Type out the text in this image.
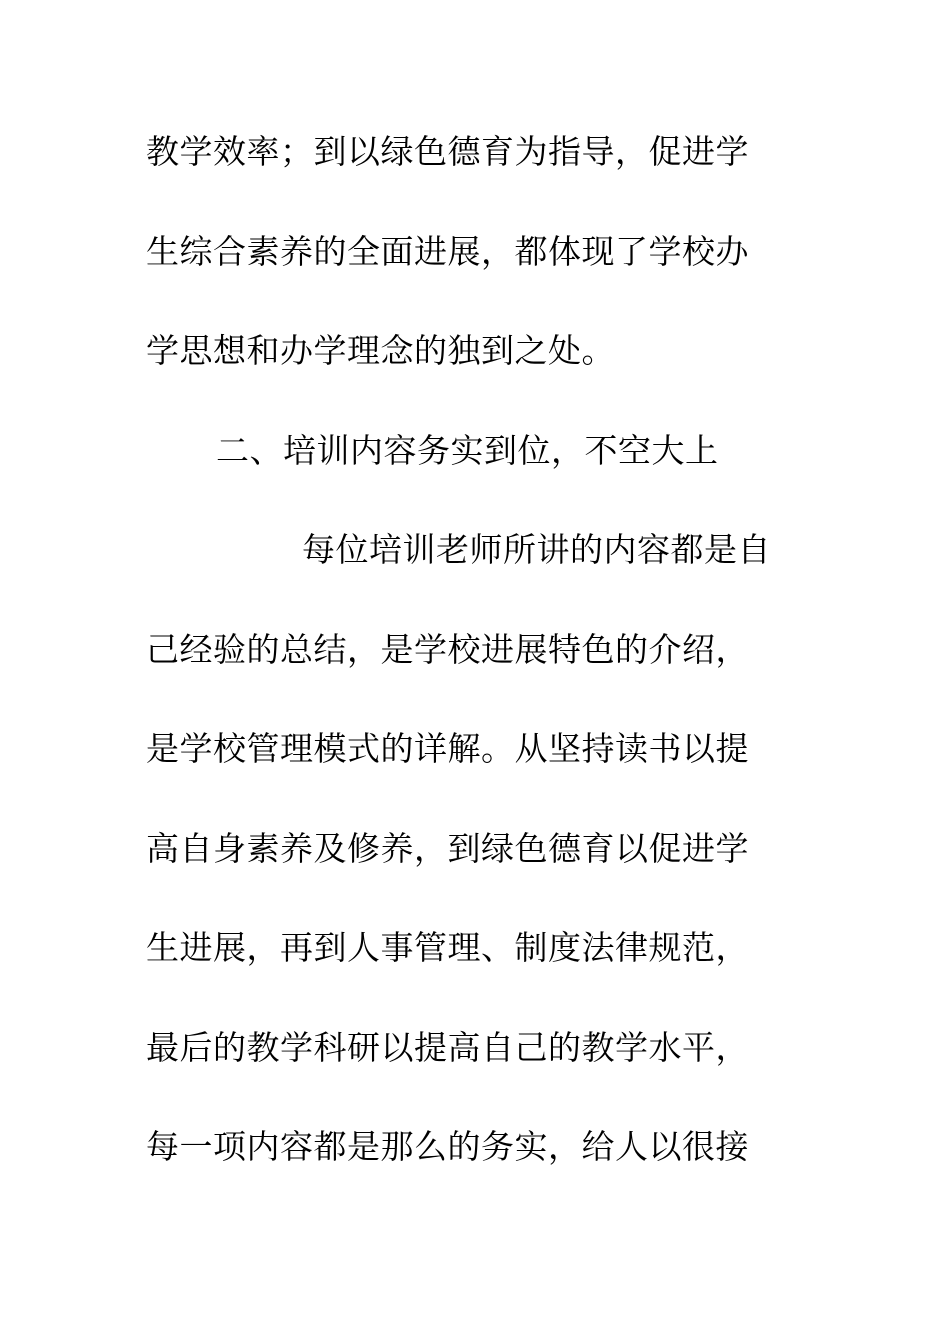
教学效率；到以绿色德育为指导，促进学
生综合素养的全面进展，都体现了学校办
学思想和办学理念的独到之处。
二、培训内容务实到位，不空大上
每位培训老师所讲的内容都是自
己经验的总结，是学校进展特色的介绍，
是学校管理模式的详解。从坚持读书以提
高自身素养及修养，到绿色德育以促进学
生进展，再到人事管理、制度法律规范，
最后的教学科研以提高自己的教学水平，
每一项内容都是那么的务实，给人以很接
